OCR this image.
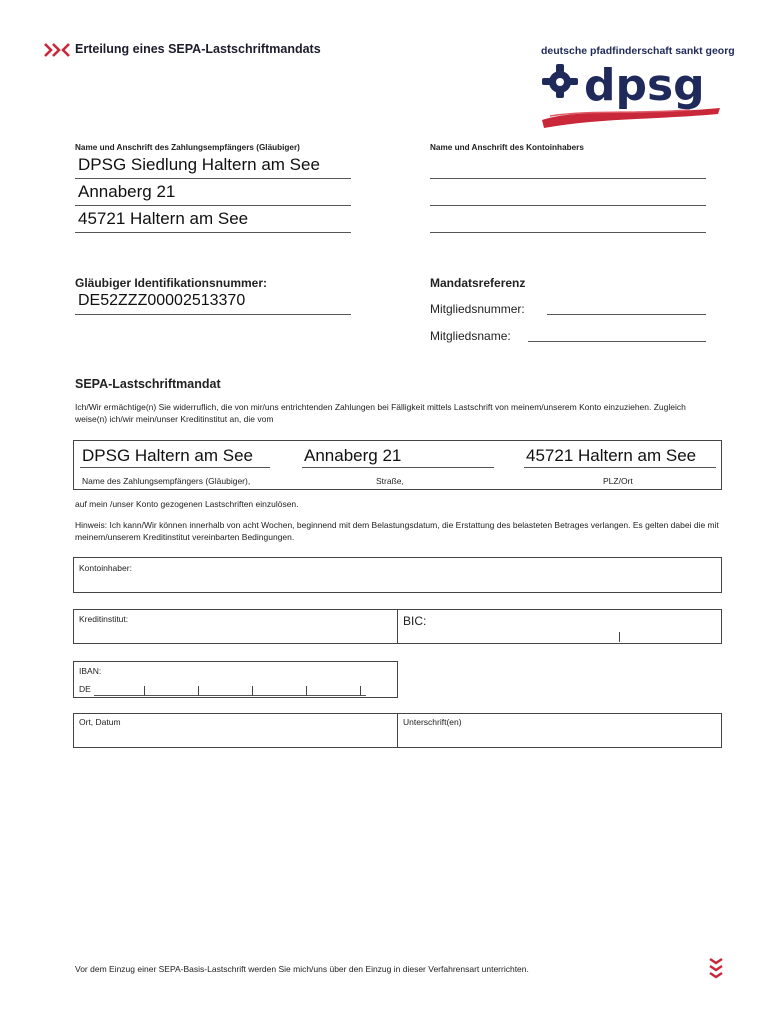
Erteilung eines SEPA-Lastschriftmandats	deutsche pfadfinderschaft sankt georg
dpsg
Name und Anschrift des Zahlungsempfängers (Gläubiger)
DPSG Siedlung Haltern am See
Annaberg 21
45721 Haltern am See
Name und Anschrift des Kontoinhabers
Gläubiger Identifikationsnummer:
DE52ZZZ00002513370
Mandatsreferenz
Mitgliedsnummer:
Mitgliedsname:
SEPA-Lastschriftmandat
Ich/Wir ermächtige(n) Sie widerruflich, die von mir/uns entrichtenden Zahlungen bei Fälligkeit mittels Lastschrift von meinem/unserem Konto einzuziehen. Zugleich weise(n) ich/wir mein/unser Kreditinstitut an, die vom
DPSG Haltern am See	Annaberg 21	45721 Haltern am See
Name des Zahlungsempfängers (Gläubiger),	Straße,	PLZ/Ort
auf mein /unser Konto gezogenen Lastschriften einzulösen.
Hinweis: Ich kann/Wir können innerhalb von acht Wochen, beginnend mit dem Belastungsdatum, die Erstattung des belasteten Betrages verlangen. Es gelten dabei die mit meinem/unserem Kreditinstitut vereinbarten Bedingungen.
Kontoinhaber:
Kreditinstitut:	BIC:
IBAN:
DE
Ort, Datum	Unterschrift(en)
Vor dem Einzug einer SEPA-Basis-Lastschrift werden Sie mich/uns über den Einzug in dieser Verfahrensart unterrichten.
